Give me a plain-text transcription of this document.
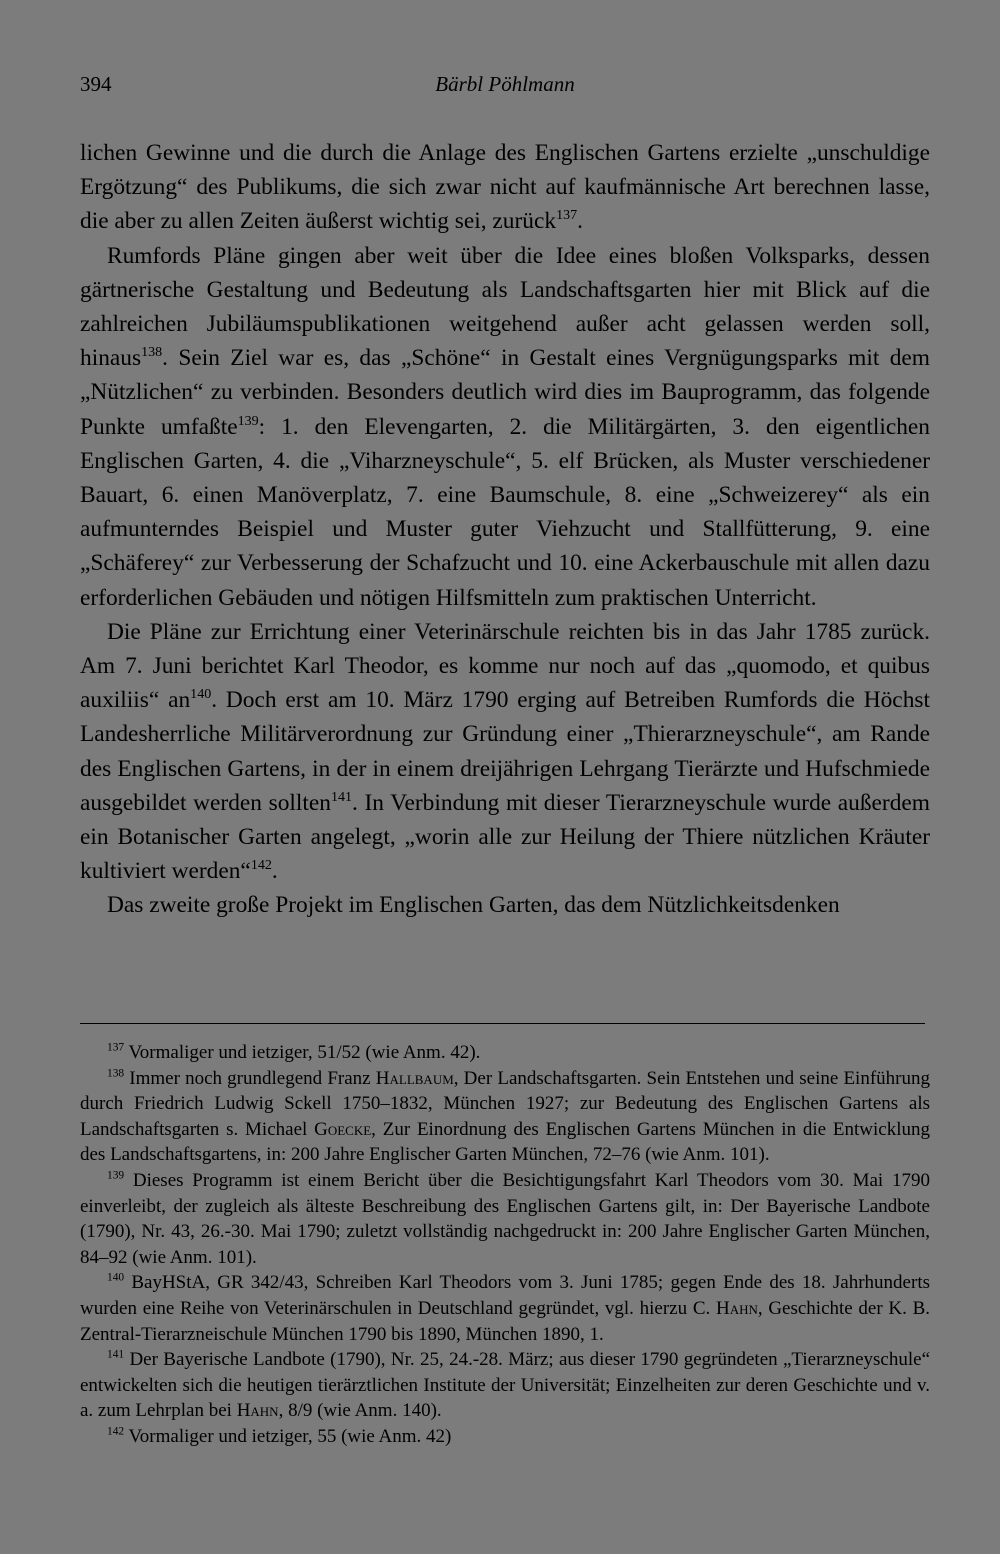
394	Bärbl Pöhlmann

lichen Gewinne und die durch die Anlage des Englischen Gartens erzielte „unschuldige Ergötzung“ des Publikums, die sich zwar nicht auf kaufmännische Art berechnen lasse, die aber zu allen Zeiten äußerst wichtig sei, zurück$^{137}$.

Rumfords Pläne gingen aber weit über die Idee eines bloßen Volksparks, dessen gärtnerische Gestaltung und Bedeutung als Landschaftsgarten hier mit Blick auf die zahlreichen Jubiläumspublikationen weitgehend außer acht gelassen werden soll, hinaus$^{138}$. Sein Ziel war es, das „Schöne“ in Gestalt eines Vergnügungsparks mit dem „Nützlichen“ zu verbinden. Besonders deutlich wird dies im Bauprogramm, das folgende Punkte umfaßte$^{139}$: 1. den Elevengarten, 2. die Militärgärten, 3. den eigentlichen Englischen Garten, 4. die „Viharzneyschule“, 5. elf Brücken, als Muster verschiedener Bauart, 6. einen Manöverplatz, 7. eine Baumschule, 8. eine „Schweizerey“ als ein aufmunterndes Beispiel und Muster guter Viehzucht und Stallfütterung, 9. eine „Schäferey“ zur Verbesserung der Schafzucht und 10. eine Ackerbauschule mit allen dazu erforderlichen Gebäuden und nötigen Hilfsmitteln zum praktischen Unterricht.

Die Pläne zur Errichtung einer Veterinärschule reichten bis in das Jahr 1785 zurück. Am 7. Juni berichtet Karl Theodor, es komme nur noch auf das „quomodo, et quibus auxiliis“ $an^{140}$. Doch erst am 10. März 1790 erging auf Betreiben Rumfords die Höchst Landesherrliche Militärverordnung zur Gründung einer „Thierarzneyschule“, am Rande des Englischen Gartens, in der in einem dreijährigen Lehrgang Tierärzte und Hufschmiede ausgebildet werden sollten$^{141}$. In Verbindung mit dieser Tierarzneyschule wurde außerdem ein Botanischer Garten angelegt, „worin alle zur Heilung der Thiere nützlichen Kräuter kultiviert werden“$^{142}$.

Das zweite große Projekt im Englischen Garten, das dem Nützlichkeitsdenken

$^{137}$ Vormaliger und ietziger, 51/52 (wie Anm. 42).

$^{138}$ Immer noch grundlegend Franz Hallbaum, Der Landschaftsgarten. Sein Entstehen und seine Einführung durch Friedrich Ludwig Sckell 1750–1832, München 1927; zur Bedeutung des Englischen Gartens als Landschaftsgarten s. Michael Goecke, Zur Einordnung des Englischen Gartens München in die Entwicklung des Landschaftsgartens, in: 200 Jahre Englischer Garten München, 72–76 (wie Anm. 101).

$^{139}$ Dieses Programm ist einem Bericht über die Besichtigungsfahrt Karl Theodors vom 30. Mai 1790 einverleibt, der zugleich als älteste Beschreibung des Englischen Gartens gilt, in: Der Bayerische Landbote (1790), Nr. 43, 26.-30. Mai 1790; zuletzt vollständig nachgedruckt in: 200 Jahre Englischer Garten München, 84–92 (wie Anm. 101).

$^{140}$ BayHStA, GR 342/43, Schreiben Karl Theodors vom 3. Juni 1785; gegen Ende des 18. Jahrhunderts wurden eine Reihe von Veterinärschulen in Deutschland gegründet, vgl. hierzu C. Hahn, Geschichte der K. B. Zentral-Tierarzneischule München 1790 bis 1890, München 1890, 1.

$^{141}$ Der Bayerische Landbote (1790), Nr. 25, 24.-28. März; aus dieser 1790 gegründeten „Tierarzneyschule“ entwickelten sich die heutigen tierärztlichen Institute der Universität; Einzelheiten zur deren Geschichte und v. a. zum Lehrplan bei Hahn, 8/9 (wie Anm. 140).

$^{142}$ Vormaliger und ietziger, 55 (wie Anm. 42)
